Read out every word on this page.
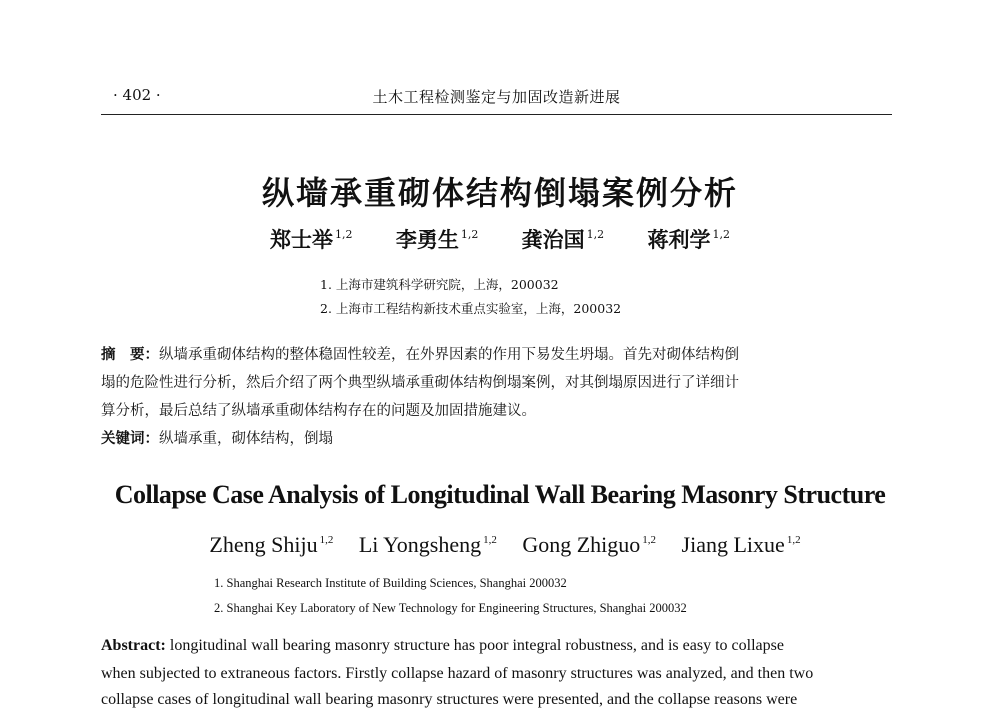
· 402 ·	土木工程检测鉴定与加固改造新进展
纵墙承重砌体结构倒塌案例分析
郑士举 $^{1,2}$ 李勇生 $^{1,2}$ 龚治国 $^{1,2}$ 蒋利学 $^{1,2}$
1. 上海市建筑科学研究院，上海，200032
2. 上海市工程结构新技术重点实验室，上海，200032
摘　要：纵墙承重砌体结构的整体稳固性较差，在外界因素的作用下易发生坍塌。首先对砌体结构倒
塌的危险性进行分析，然后介绍了两个典型纵墙承重砌体结构倒塌案例，对其倒塌原因进行了详细计
算分析，最后总结了纵墙承重砌体结构存在的问题及加固措施建议。
关键词：纵墙承重，砌体结构，倒塌
Collapse Case Analysis of Longitudinal Wall Bearing Masonry Structure
Zheng Shiju $^{1,2}$ Li Yongsheng $^{1,2}$ Gong Zhiguo $^{1,2}$ Jiang Lixue $^{1,2}$
1. Shanghai Research Institute of Building Sciences, Shanghai 200032
2. Shanghai Key Laboratory of New Technology for Engineering Structures, Shanghai 200032
Abstract: longitudinal wall bearing masonry structure has poor integral robustness, and is easy to collapse
when subjected to extraneous factors. Firstly collapse hazard of masonry structures was analyzed, and then two
collapse cases of longitudinal wall bearing masonry structures were presented, and the collapse reasons were
